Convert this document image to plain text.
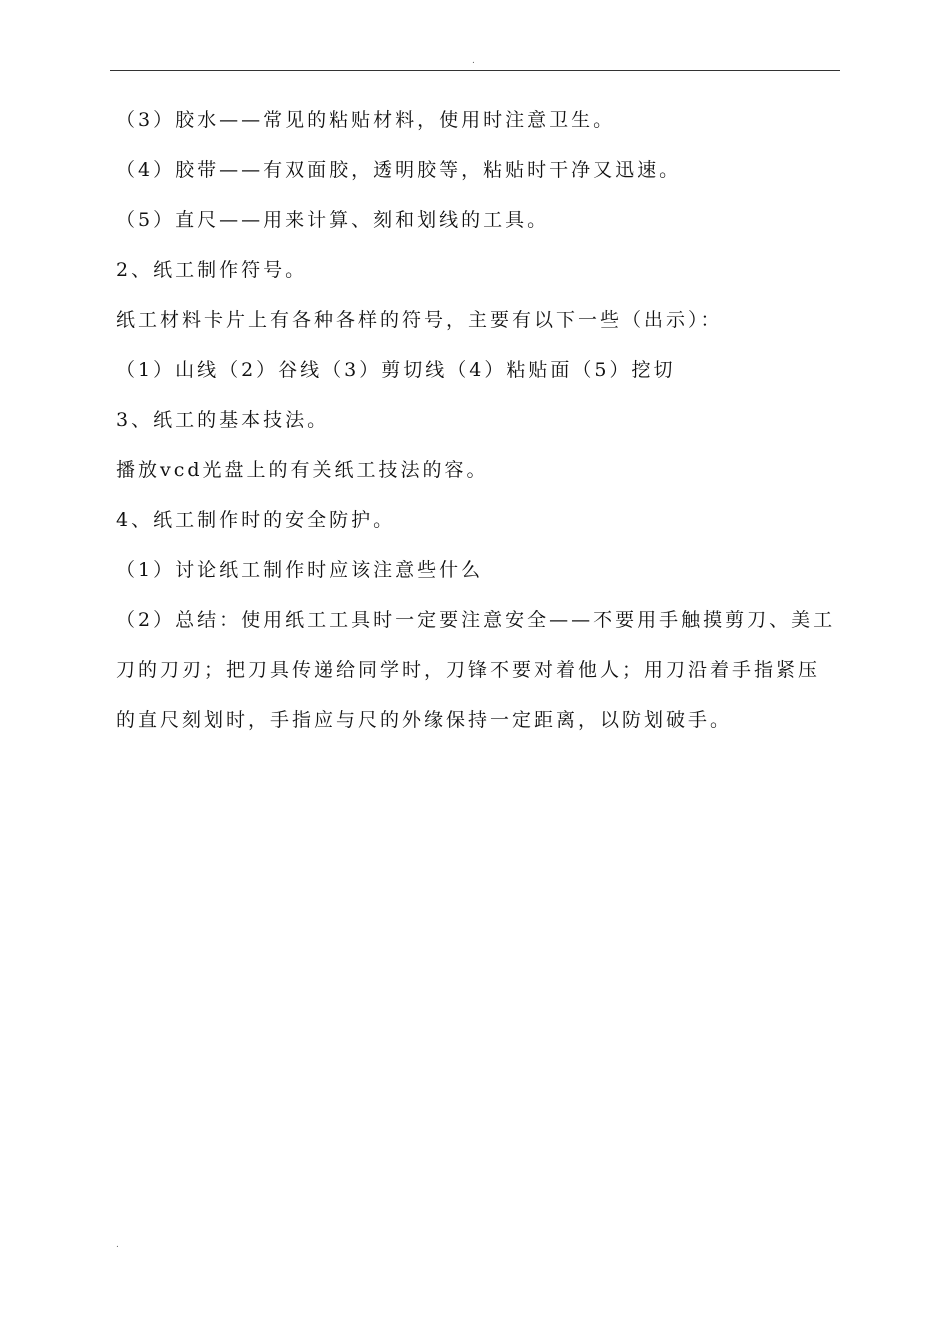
.
（3）胶水——常见的粘贴材料，使用时注意卫生。
（4）胶带——有双面胶，透明胶等，粘贴时干净又迅速。
（5）直尺——用来计算、刻和划线的工具。
2、纸工制作符号。
纸工材料卡片上有各种各样的符号，主要有以下一些（出示）：
（1）山线（2）谷线（3）剪切线（4）粘贴面（5）挖切
3、纸工的基本技法。
播放vcd光盘上的有关纸工技法的容。
4、纸工制作时的安全防护。
（1）讨论纸工制作时应该注意些什么
（2）总结：使用纸工工具时一定要注意安全——不要用手触摸剪刀、美工
刀的刀刃；把刀具传递给同学时，刀锋不要对着他人；用刀沿着手指紧压
的直尺刻划时，手指应与尺的外缘保持一定距离，以防划破手。
.
